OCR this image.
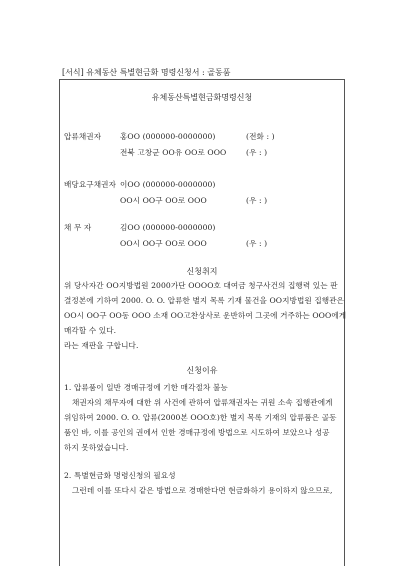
[서식] 유체동산 특별현금화 명령신청서 : 골동품
유체동산특별현금화명령신청
압류채권자 홍OO (000000-0000000)	(전화 : )
전북 고창군 OO유 OO로 OOO	(우 : )
배당요구채권자 이OO (000000-0000000)
OO시 OO구 OO로 OOO	(우 : )
채 무 자	김OO (000000-0000000)
OO시 OO구 OO로 OOO	(우 : )
신청취지
위 당사자간 OO지방법원 2000가단 OOOO호 대여금 청구사건의 집행력 있는 판
결정본에 기하여 2000. O. O. 압류한 별지 목록 기재 물건을 OO지방법원 집행관은
OO시 OO구 OO동 OOO 소재 OO고찬상사로 운반하여 그곳에 거주하는 OOO에게
매각할 수 있다.
라는 재판을 구합니다.
신청이유
1. 압류품이 일반 경매규정에 기한 매각절차 불능
채권자의 채무자에 대한 위 사건에 관하여 압류채권자는 귀원 소속 집행관에게
위임하여 2000. O. O. 압류(2000본 OOO호)한 별지 목록 기재의 압류품은 골동
품인 바, 이를 공인의 권에서 인한 경매규정에 방법으로 시도하여 보았으나 성공
하지 못하였습니다.
2. 특별현금화 명령신청의 필요성
그런데 이를 또다시 같은 방법으로 경매한다면 현금화하기 용이하지 않으므로,
